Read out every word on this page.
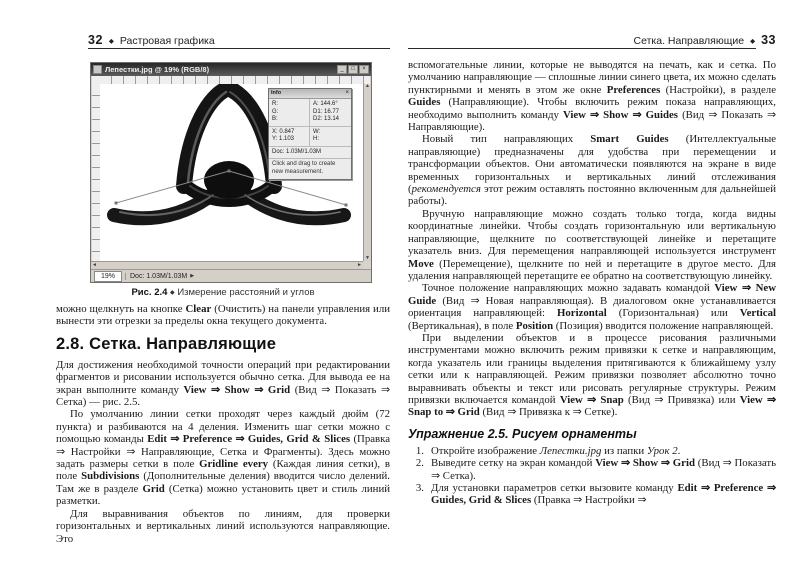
32 ◆ Растровая графика	Сетка. Направляющие ◆ 33
Лепестки.jpg @ 19% (RGB/8)	_	□	×
Info	×
R:
G:
B:
A: 144.6°
D1: 16.77
D2: 13.14
X: 0.847
Y: 1.103
W:
H:
Doc: 1.03M/1.03M
Click and drag to create new measurement.
▲
▼
◄	►
19%	Doc: 1.03M/1.03M ▶
Рис. 2.4 ◆ Измерение расстояний и углов

можно щелкнуть на кнопке Clear (Очистить) на панели управления или вынести эти отрезки за пределы окна текущего документа.

2.8. Сетка. Направляющие

Для достижения необходимой точности операций при редактировании фрагментов и рисовании используется обычно сетка. Для вывода ее на экран выполните команду View ⇒ Show ⇒ Grid (Вид ⇒ Показать ⇒ Сетка) — рис. 2.5.

По умолчанию линии сетки проходят через каждый дюйм (72 пункта) и разбиваются на 4 деления. Изменить шаг сетки можно с помощью команды Edit ⇒ Preference ⇒ Guides, Grid & Slices (Правка ⇒ Настройки ⇒ Направляющие, Сетка и Фрагменты). Здесь можно задать размеры сетки в поле Gridline every (Каждая линия сетки), в поле Subdivisions (Дополнительные деления) вводится число делений. Там же в разделе Grid (Сетка) можно установить цвет и стиль линий разметки.

Для выравнивания объектов по линиям, для проверки горизонтальных и вертикальных линий используются направляющие. Это

вспомогательные линии, которые не выводятся на печать, как и сетка. По умолчанию направляющие — сплошные линии синего цвета, их можно сделать пунктирными и менять в этом же окне Preferences (Настройки), в разделе Guides (Направляющие). Чтобы включить режим показа направляющих, необходимо выполнить команду View ⇒ Show ⇒ Guides (Вид ⇒ Показать ⇒ Направляющие).

Новый тип направляющих Smart Guides (Интеллектуальные направляющие) предназначены для удобства при перемещении и трансформации объектов. Они автоматически появляются на экране в виде временных горизонтальных и вертикальных линий отслеживания (рекомендуется этот режим оставлять постоянно включенным для дальнейшей работы).

Вручную направляющие можно создать только тогда, когда видны координатные линейки. Чтобы создать горизонтальную или вертикальную направляющие, щелкните по соответствующей линейке и перетащите указатель вниз. Для перемещения направляющей используется инструмент Move (Перемещение), щелкните по ней и перетащите в другое место. Для удаления направляющей перетащите ее обратно на соответствующую линейку.

Точное положение направляющих можно задавать командой View ⇒ New Guide (Вид ⇒ Новая направляющая). В диалоговом окне устанавливается ориентация направляющей: Horizontal (Горизонтальная) или Vertical (Вертикальная), в поле Position (Позиция) вводится положение направляющей.

При выделении объектов и в процессе рисования различными инструментами можно включить режим привязки к сетке и направляющим, когда указатель или границы выделения притягиваются к ближайшему узлу сетки или к направляющей. Режим привязки позволяет абсолютно точно выравнивать объекты и текст или рисовать регулярные структуры. Режим привязки включается командой View ⇒ Snap (Вид ⇒ Привязка) или View ⇒ Snap to ⇒ Grid (Вид ⇒ Привязка к ⇒ Сетке).

Упражнение 2.5. Рисуем орнаменты
1. Откройте изображение Лепестки.jpg из папки Урок 2.
2. Выведите сетку на экран командой View ⇒ Show ⇒ Grid (Вид ⇒ Показать ⇒ Сетка).
3. Для установки параметров сетки вызовите команду Edit ⇒ Preference ⇒ Guides, Grid & Slices (Правка ⇒ Настройки ⇒
